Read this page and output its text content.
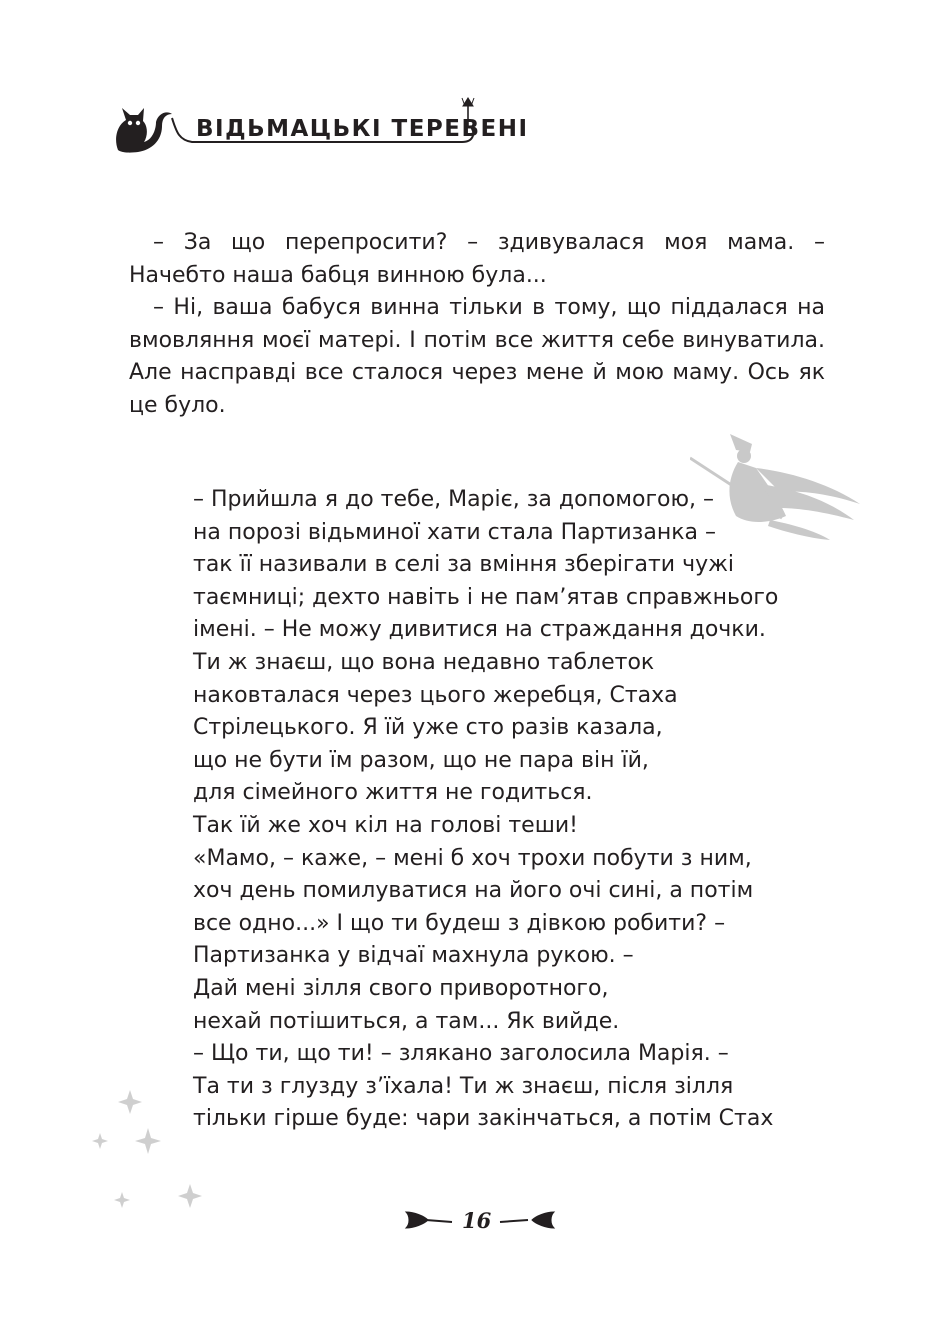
ВІДЬМАЦЬКІ ТЕРЕВЕНІ

– За що перепросити? – здивувалася моя мама. – Начебто наша бабця винною була...

– Ні, ваша бабуся винна тільки в тому, що піддалася на вмовляння моєї матері. І потім все життя себе винуватила. Але насправді все сталося через мене й мою маму. Ось як це було.

– Прийшла я до тебе, Маріє, за допомогою, –
на порозі відьминої хати стала Партизанка –
так її називали в селі за вміння зберігати чужі
таємниці; дехто навіть і не пам’ятав справжнього
імені. – Не можу дивитися на страждання дочки.
Ти ж знаєш, що вона недавно таблеток
наковталася через цього жеребця, Стаха
Стрілецького. Я їй уже сто разів казала,
що не бути їм разом, що не пара він їй,
для сімейного життя не годиться.
Так їй же хоч кіл на голові теши!
«Мамо, – каже, – мені б хоч трохи побути з ним,
хоч день помилуватися на його очі сині, а потім
все одно...» І що ти будеш з дівкою робити? –
Партизанка у відчаї махнула рукою. –
Дай мені зілля свого приворотного,
нехай потішиться, а там... Як вийде.
– Що ти, що ти! – злякано заголосила Марія. –
Та ти з глузду з’їхала! Ти ж знаєш, після зілля
тільки гірше буде: чари закінчаться, а потім Стах
16
